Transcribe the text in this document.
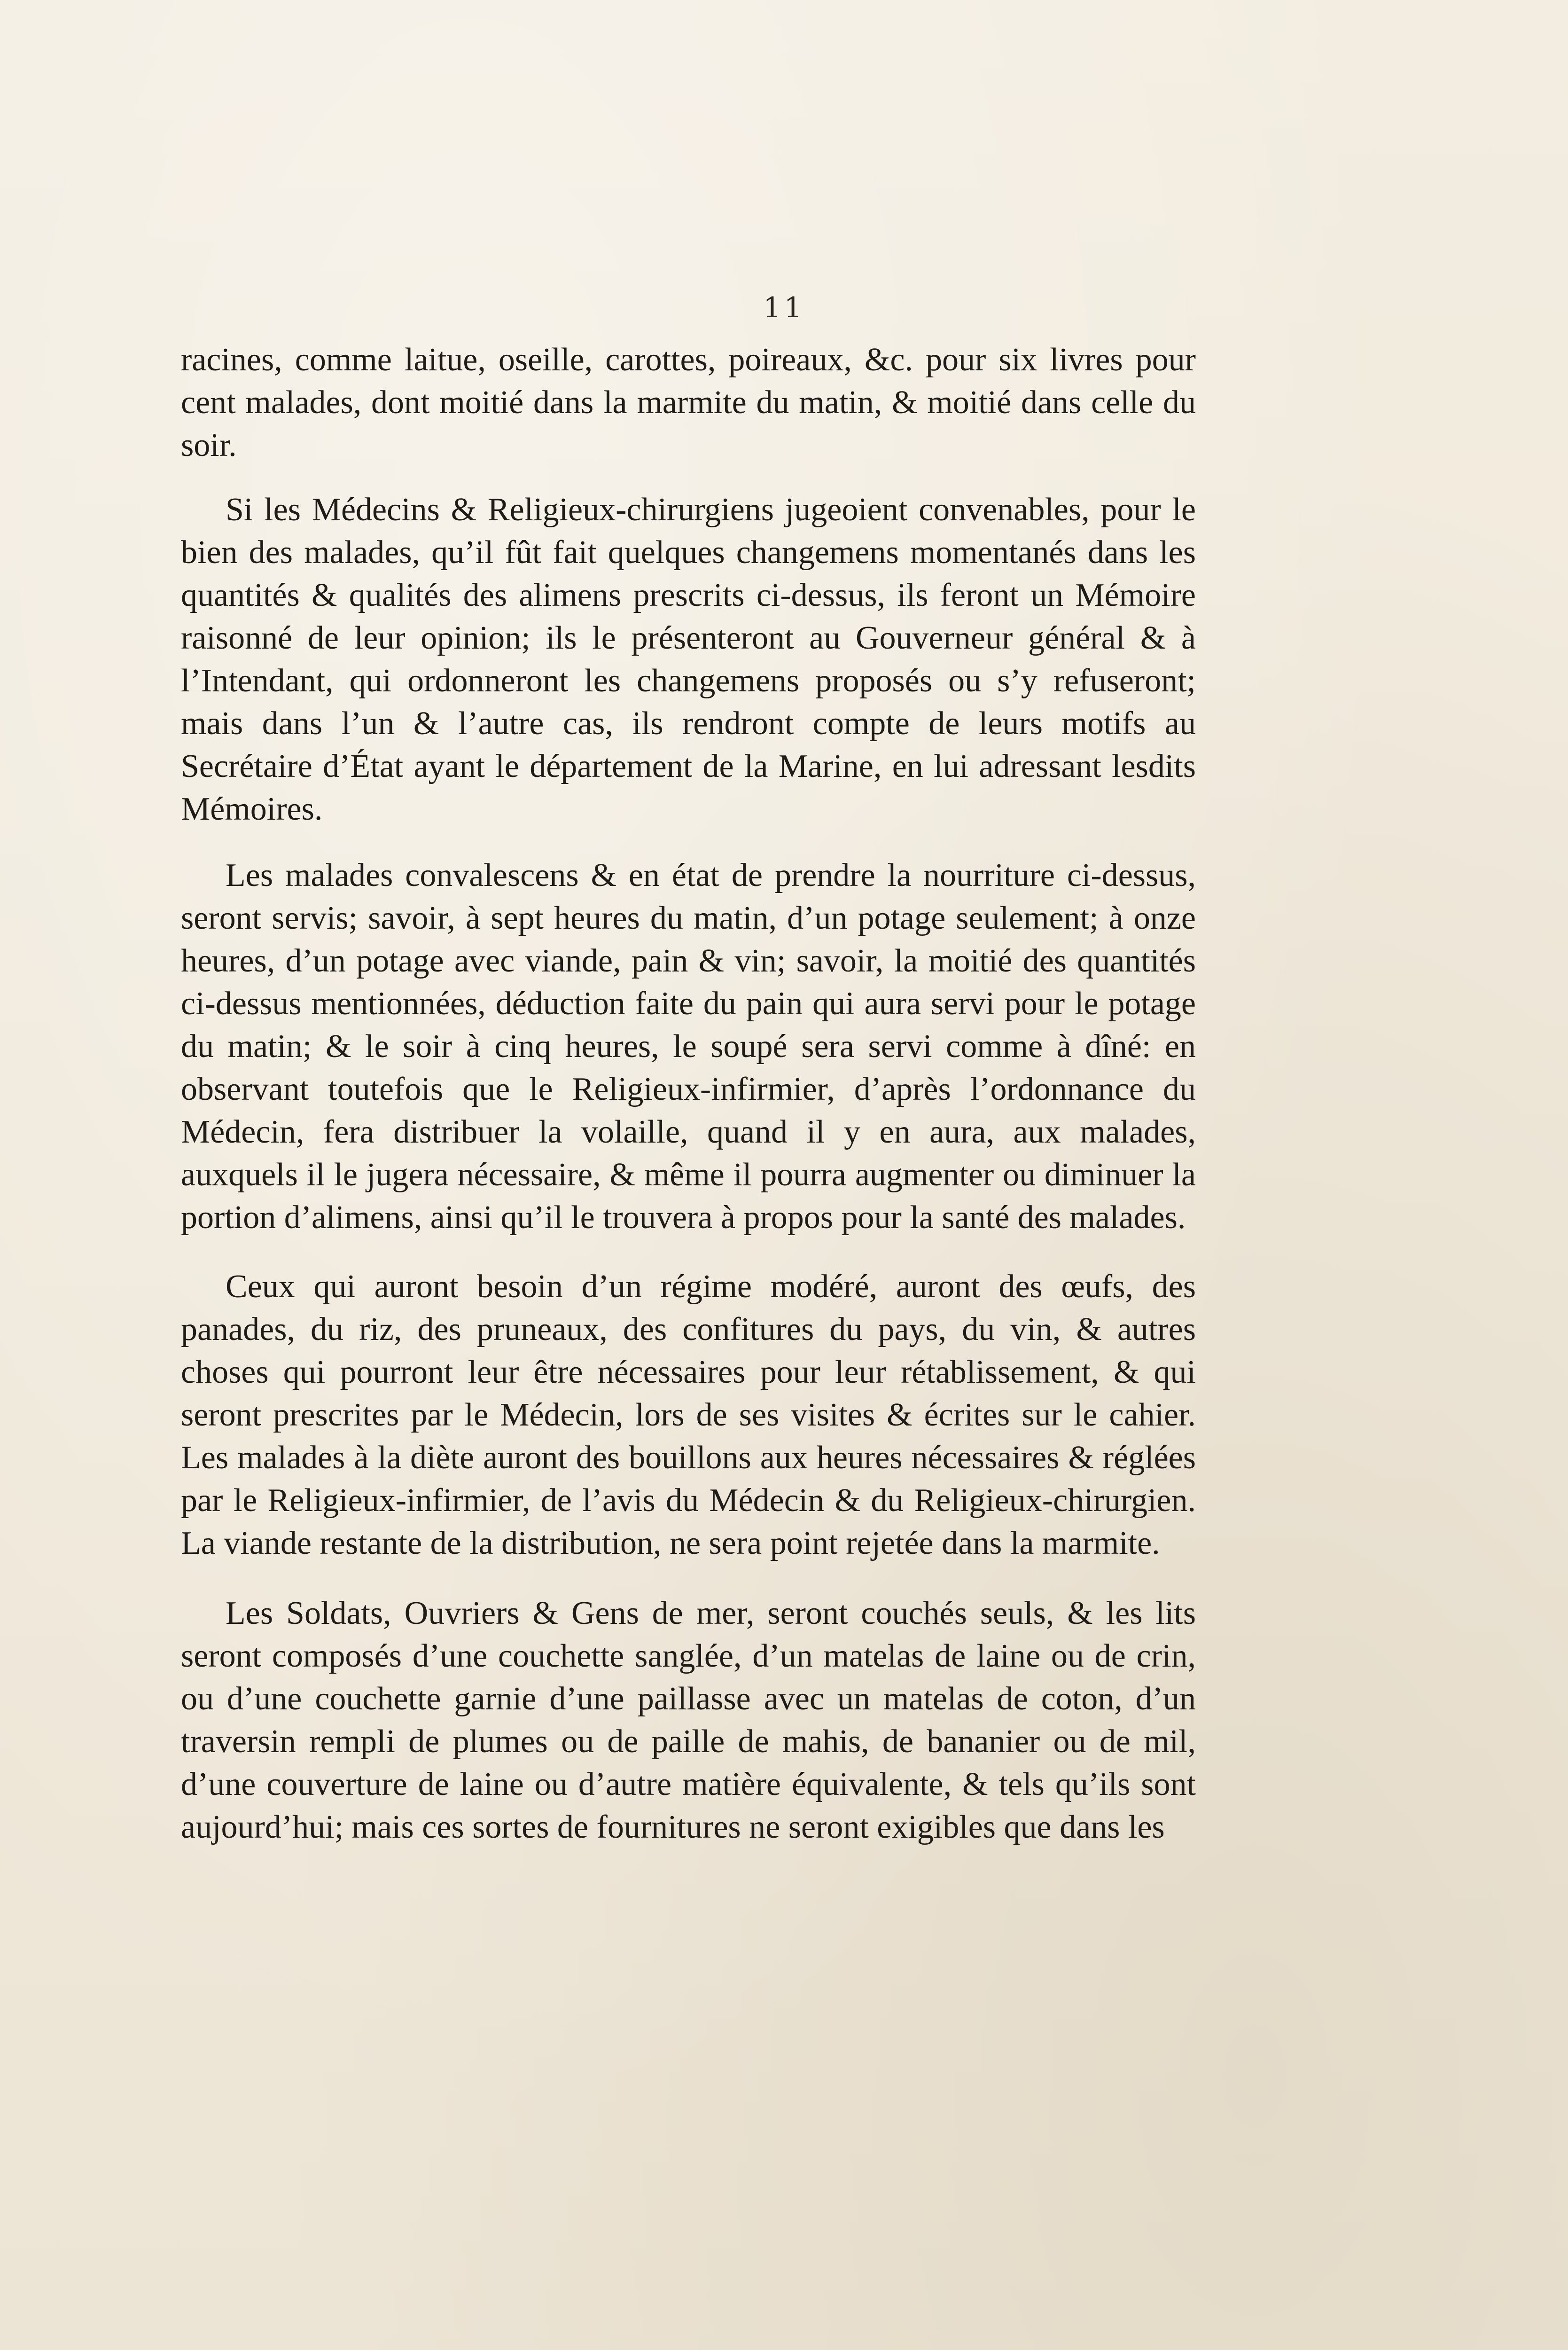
11

racines, comme laitue, oseille, carottes, poireaux, &c. pour six livres pour cent malades, dont moitié dans la marmite du matin, & moitié dans celle du soir.

Si les Médecins & Religieux-chirurgiens jugeoient convenables, pour le bien des malades, qu’il fût fait quelques changemens momentanés dans les quantités & qualités des alimens prescrits ci-dessus, ils feront un Mémoire raisonné de leur opinion; ils le présenteront au Gouverneur général & à l’Intendant, qui ordonneront les changemens proposés ou s’y refuseront; mais dans l’un & l’autre cas, ils rendront compte de leurs motifs au Secrétaire d’État ayant le département de la Marine, en lui adressant lesdits Mémoires.

Les malades convalescens & en état de prendre la nourriture ci-dessus, seront servis; savoir, à sept heures du matin, d’un potage seulement; à onze heures, d’un potage avec viande, pain & vin; savoir, la moitié des quantités ci-dessus mentionnées, déduction faite du pain qui aura servi pour le potage du matin; & le soir à cinq heures, le soupé sera servi comme à dîné: en observant toutefois que le Religieux-infirmier, d’après l’ordonnance du Médecin, fera distribuer la volaille, quand il y en aura, aux malades, auxquels il le jugera nécessaire, & même il pourra augmenter ou diminuer la portion d’alimens, ainsi qu’il le trouvera à propos pour la santé des malades.

Ceux qui auront besoin d’un régime modéré, auront des œufs, des panades, du riz, des pruneaux, des confitures du pays, du vin, & autres choses qui pourront leur être nécessaires pour leur rétablissement, & qui seront prescrites par le Médecin, lors de ses visites & écrites sur le cahier. Les malades à la diète auront des bouillons aux heures nécessaires & réglées par le Religieux-infirmier, de l’avis du Médecin & du Religieux-chirurgien. La viande restante de la distribution, ne sera point rejetée dans la marmite.

Les Soldats, Ouvriers & Gens de mer, seront couchés seuls, & les lits seront composés d’une couchette sanglée, d’un matelas de laine ou de crin, ou d’une couchette garnie d’une paillasse avec un matelas de coton, d’un traversin rempli de plumes ou de paille de mahis, de bananier ou de mil, d’une couverture de laine ou d’autre matière équivalente, & tels qu’ils sont aujourd’hui; mais ces sortes de fournitures ne seront exigibles que dans les
